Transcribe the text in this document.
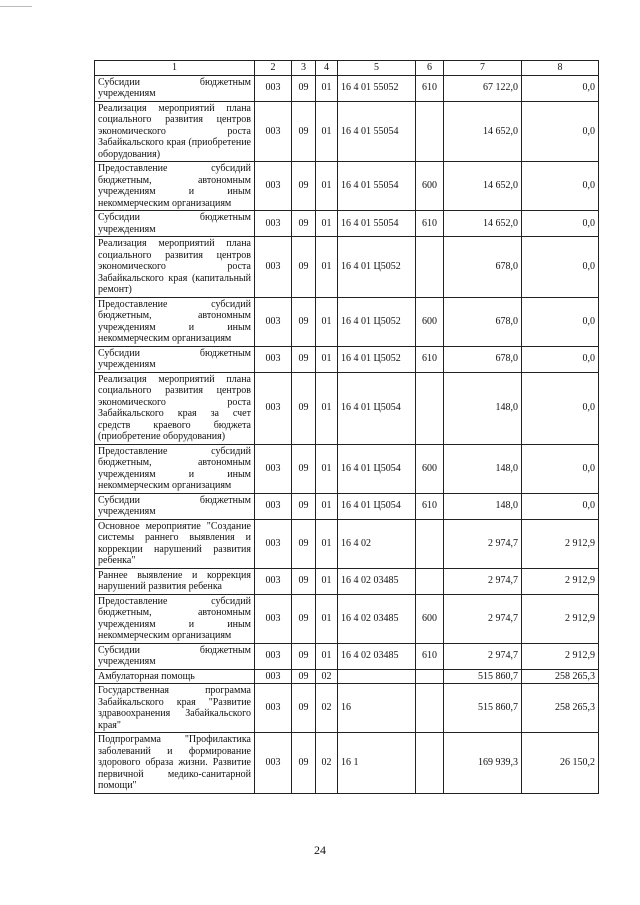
1	2	3	4	5	6	7	8
Субсидии бюджетным учреждениям	003	09	01	16 4 01 55052	610	67 122,0	0,0
Реализация мероприятий плана социального развития центров экономического роста Забайкальского края (приобретение оборудования)	003	09	01	16 4 01 55054		14 652,0	0,0
Предоставление субсидий бюджетным, автономным учреждениям и иным некоммерческим организациям	003	09	01	16 4 01 55054	600	14 652,0	0,0
Субсидии бюджетным учреждениям	003	09	01	16 4 01 55054	610	14 652,0	0,0
Реализация мероприятий плана социального развития центров экономического роста Забайкальского края (капитальный ремонт)	003	09	01	16 4 01 Ц5052		678,0	0,0
Предоставление субсидий бюджетным, автономным учреждениям и иным некоммерческим организациям	003	09	01	16 4 01 Ц5052	600	678,0	0,0
Субсидии бюджетным учреждениям	003	09	01	16 4 01 Ц5052	610	678,0	0,0
Реализация мероприятий плана социального развития центров экономического роста Забайкальского края за счет средств краевого бюджета (приобретение оборудования)	003	09	01	16 4 01 Ц5054		148,0	0,0
Предоставление субсидий бюджетным, автономным учреждениям и иным некоммерческим организациям	003	09	01	16 4 01 Ц5054	600	148,0	0,0
Субсидии бюджетным учреждениям	003	09	01	16 4 01 Ц5054	610	148,0	0,0
Основное мероприятие "Создание системы раннего выявления и коррекции нарушений развития ребенка"	003	09	01	16 4 02		2 974,7	2 912,9
Раннее выявление и коррекция нарушений развития ребенка	003	09	01	16 4 02 03485		2 974,7	2 912,9
Предоставление субсидий бюджетным, автономным учреждениям и иным некоммерческим организациям	003	09	01	16 4 02 03485	600	2 974,7	2 912,9
Субсидии бюджетным учреждениям	003	09	01	16 4 02 03485	610	2 974,7	2 912,9
Амбулаторная помощь	003	09	02			515 860,7	258 265,3
Государственная программа Забайкальского края "Развитие здравоохранения Забайкальского края"	003	09	02	16		515 860,7	258 265,3
Подпрограмма "Профилактика заболеваний и формирование здорового образа жизни. Развитие первичной медико-санитарной помощи"	003	09	02	16 1		169 939,3	26 150,2
24
